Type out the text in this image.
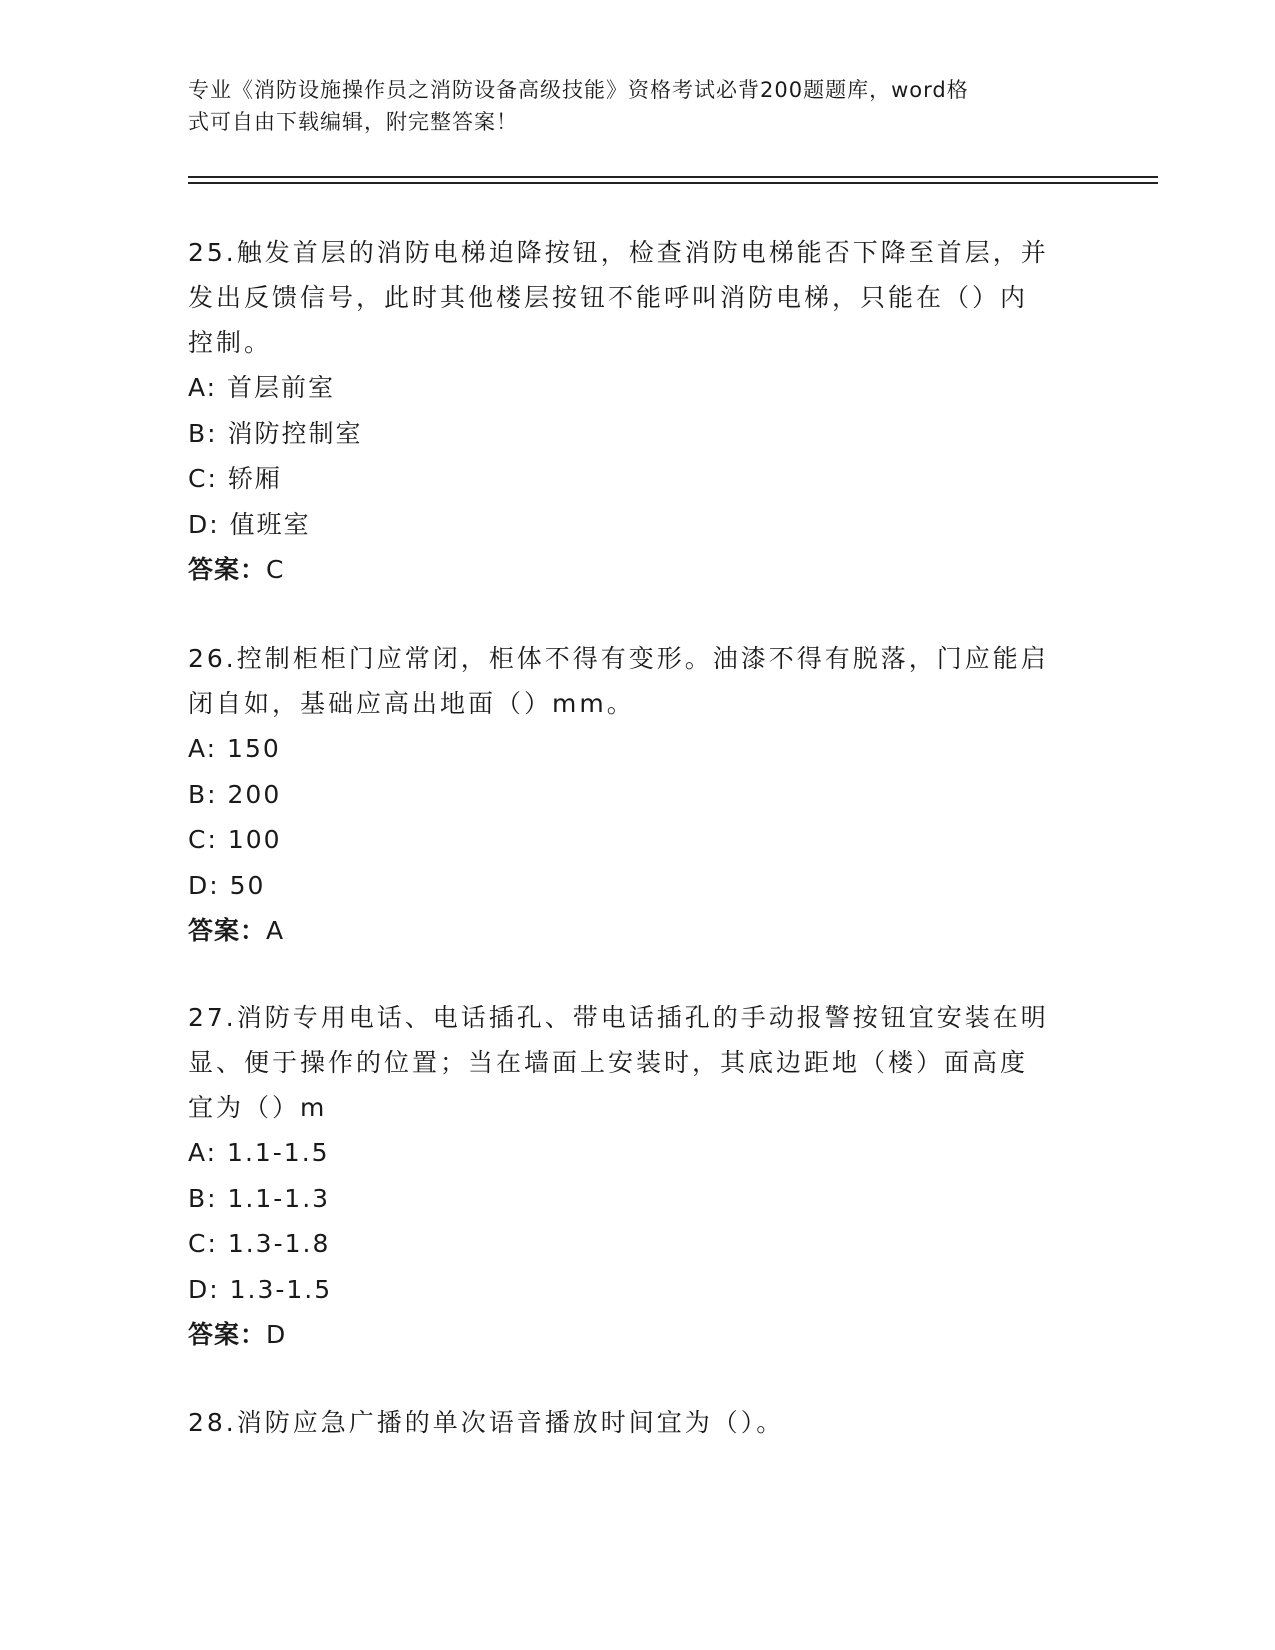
专业《消防设施操作员之消防设备高级技能》资格考试必背200题题库，word格
式可自由下载编辑，附完整答案！

25.触发首层的消防电梯迫降按钮，检查消防电梯能否下降至首层，并

发出反馈信号，此时其他楼层按钮不能呼叫消防电梯，只能在（）内

控制。

A: 首层前室

B: 消防控制室

C: 轿厢

D: 值班室

答案：C

26.控制柜柜门应常闭，柜体不得有变形。油漆不得有脱落，门应能启

闭自如，基础应高出地面（）mm。

A: 150

B: 200

C: 100

D: 50

答案：A

27.消防专用电话、电话插孔、带电话插孔的手动报警按钮宜安装在明

显、便于操作的位置；当在墙面上安装时，其底边距地（楼）面高度

宜为（）m

A: 1.1-1.5

B: 1.1-1.3

C: 1.3-1.8

D: 1.3-1.5

答案：D

28.消防应急广播的单次语音播放时间宜为（）。
